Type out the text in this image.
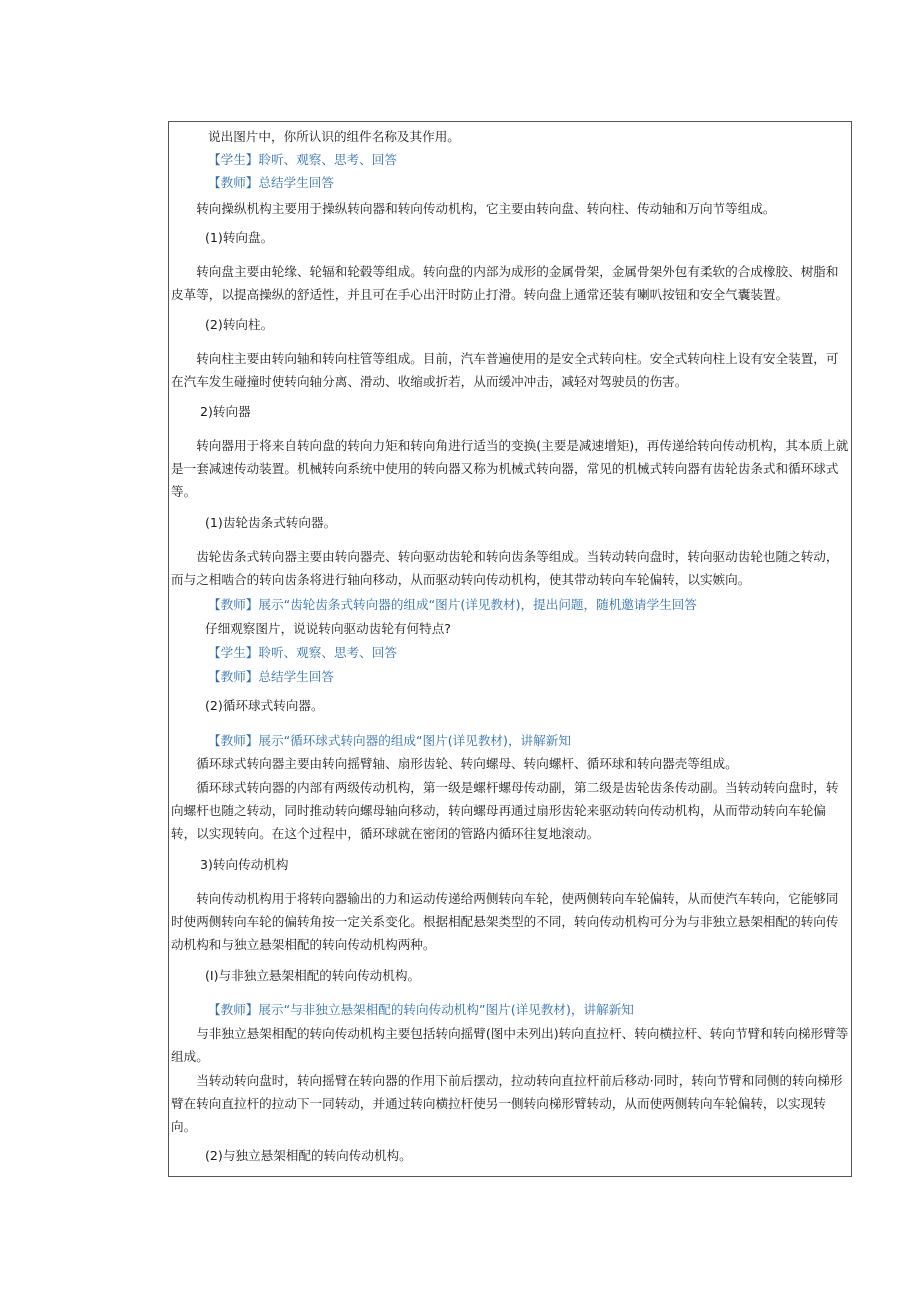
说出图片中，你所认识的组件名称及其作用。

【学生】聆听、观察、思考、回答

【教师】总结学生回答

转向操纵机构主要用于操纵转向器和转向传动机构，它主要由转向盘、转向柱、传动轴和万向节等组成。

(1)转向盘。

转向盘主要由轮缘、轮辐和轮毂等组成。转向盘的内部为成形的金属骨架，金属骨架外包有柔软的合成橡胶、树脂和皮革等，以提高操纵的舒适性，并且可在手心出汗时防止打滑。转向盘上通常还装有喇叭按钮和安全气囊装置。

(2)转向柱。

转向柱主要由转向轴和转向柱管等组成。目前，汽车普遍使用的是安全式转向柱。安全式转向柱上设有安全装置，可在汽车发生碰撞时使转向轴分离、滑动、收缩或折若，从而缓冲冲击，减轻对驾驶员的伤害。

2)转向器

转向器用于将来自转向盘的转向力矩和转向角进行适当的变换(主要是减速增矩)，再传递给转向传动机构，其本质上就是一套减速传动装置。机械转向系统中使用的转向器又称为机械式转向器，常见的机械式转向器有齿轮齿条式和循环球式等。

(1)齿轮齿条式转向器。

齿轮齿条式转向器主要由转向器壳、转向驱动齿轮和转向齿条等组成。当转动转向盘时，转向驱动齿轮也随之转动，而与之相啮合的转向齿条将进行轴向移动，从而驱动转向传动机构，使其带动转向车轮偏转，以实嫉向。

【教师】展示“齿轮齿条式转向器的组成“图片(详见教材)，提出问题，随机邀请学生回答

仔细观察图片，说说转向驱动齿轮有何特点?

【学生】聆听、观察、思考、回答

【教师】总结学生回答

(2)循环球式转向器。

【教师】展示“循环球式转向器的组成“图片(详见教材)，讲解新知

循环球式转向器主要由转向摇臂轴、扇形齿轮、转向螺母、转向螺杆、循环球和转向器壳等组成。

循环球式转向器的内部有两级传动机构，第一级是螺杆螺母传动副，第二级是齿轮齿条传动副。当转动转向盘时，转向螺杆也随之转动，同时推动转向螺母轴向移动，转向螺母再通过扇形齿轮来驱动转向传动机构，从而带动转向车轮偏转，以实现转向。在这个过程中，循环球就在密闭的管路内循环往复地滚动。

3)转向传动机构

转向传动机构用于将转向器输出的力和运动传递给两侧转向车轮，使两侧转向车轮偏转，从而使汽车转向，它能够同时使两侧转向车轮的偏转角按一定关系变化。根据相配悬架类型的不同，转向传动机构可分为与非独立悬架相配的转向传动机构和与独立悬架相配的转向传动机构两种。

(I)与非独立悬架相配的转向传动机构。

【教师】展示“与非独立悬架相配的转向传动机构”图片(详见教材)，讲解新知

与非独立悬架相配的转向传动机构主要包括转向摇臂(图中未列出)转向直拉杆、转向横拉杆、转向节臂和转向梯形臂等组成。

当转动转向盘时，转向摇臂在转向器的作用下前后摆动，拉动转向直拉杆前后移动·同时，转向节臂和同侧的转向梯形臂在转向直拉杆的拉动下一同转动，并通过转向横拉杆使另一侧转向梯形臂转动，从而使两侧转向车轮偏转，以实现转向。

(2)与独立悬架相配的转向传动机构。
